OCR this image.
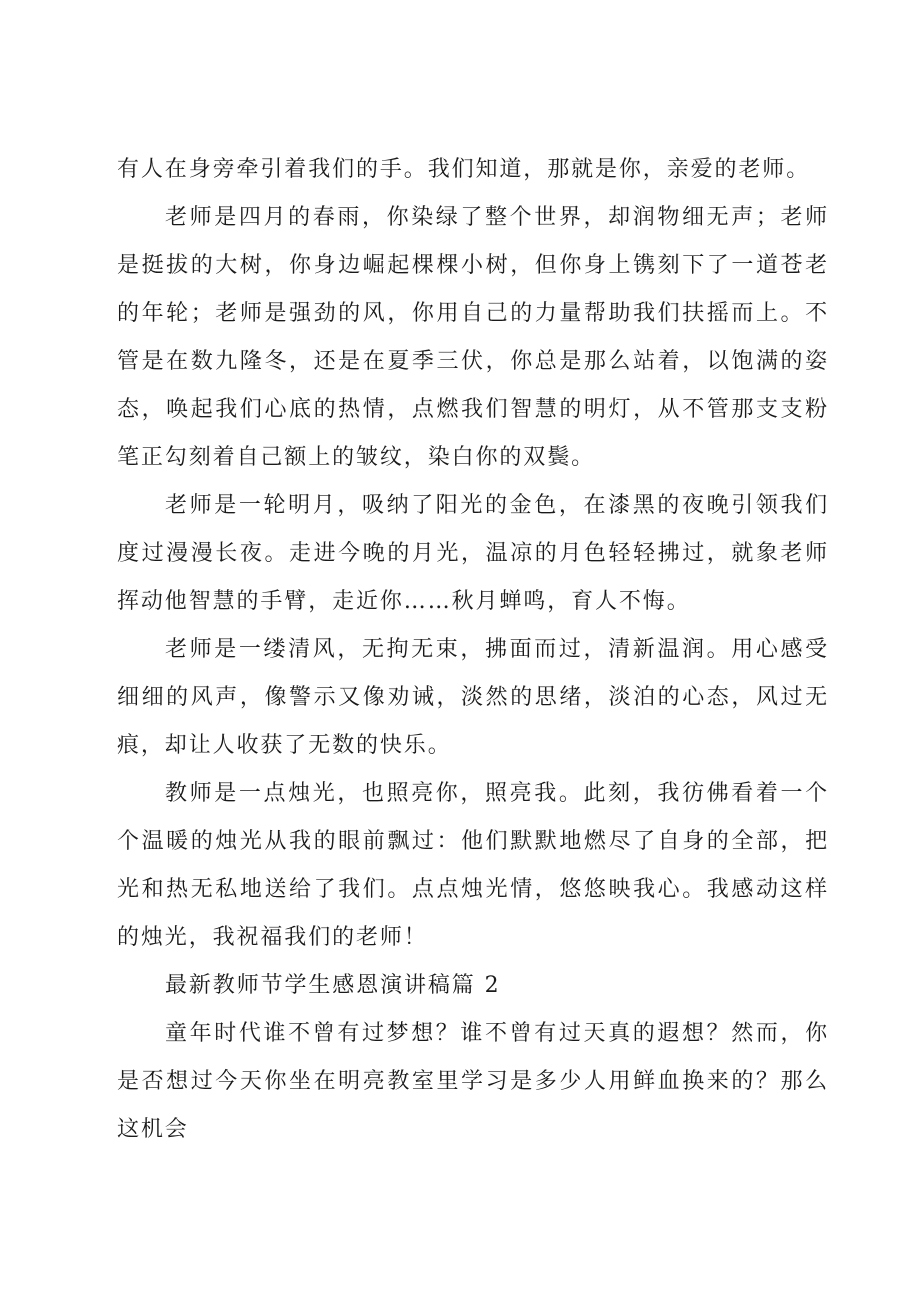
有人在身旁牵引着我们的手。我们知道，那就是你，亲爱的老师。

老师是四月的春雨，你染绿了整个世界，却润物细无声；老师是挺拔的大树，你身边崛起棵棵小树，但你身上镌刻下了一道苍老的年轮；老师是强劲的风，你用自己的力量帮助我们扶摇而上。不管是在数九隆冬，还是在夏季三伏，你总是那么站着，以饱满的姿态，唤起我们心底的热情，点燃我们智慧的明灯，从不管那支支粉笔正勾刻着自己额上的皱纹，染白你的双鬓。

老师是一轮明月，吸纳了阳光的金色，在漆黑的夜晚引领我们度过漫漫长夜。走进今晚的月光，温凉的月色轻轻拂过，就象老师挥动他智慧的手臂，走近你……秋月蝉鸣，育人不悔。

老师是一缕清风，无拘无束，拂面而过，清新温润。用心感受细细的风声，像警示又像劝诫，淡然的思绪，淡泊的心态，风过无痕，却让人收获了无数的快乐。

教师是一点烛光，也照亮你，照亮我。此刻，我彷佛看着一个个温暖的烛光从我的眼前飘过：他们默默地燃尽了自身的全部，把光和热无私地送给了我们。点点烛光情，悠悠映我心。我感动这样的烛光，我祝福我们的老师！

最新教师节学生感恩演讲稿篇 2

童年时代谁不曾有过梦想？谁不曾有过天真的遐想？然而，你是否想过今天你坐在明亮教室里学习是多少人用鲜血换来的？那么这机会
